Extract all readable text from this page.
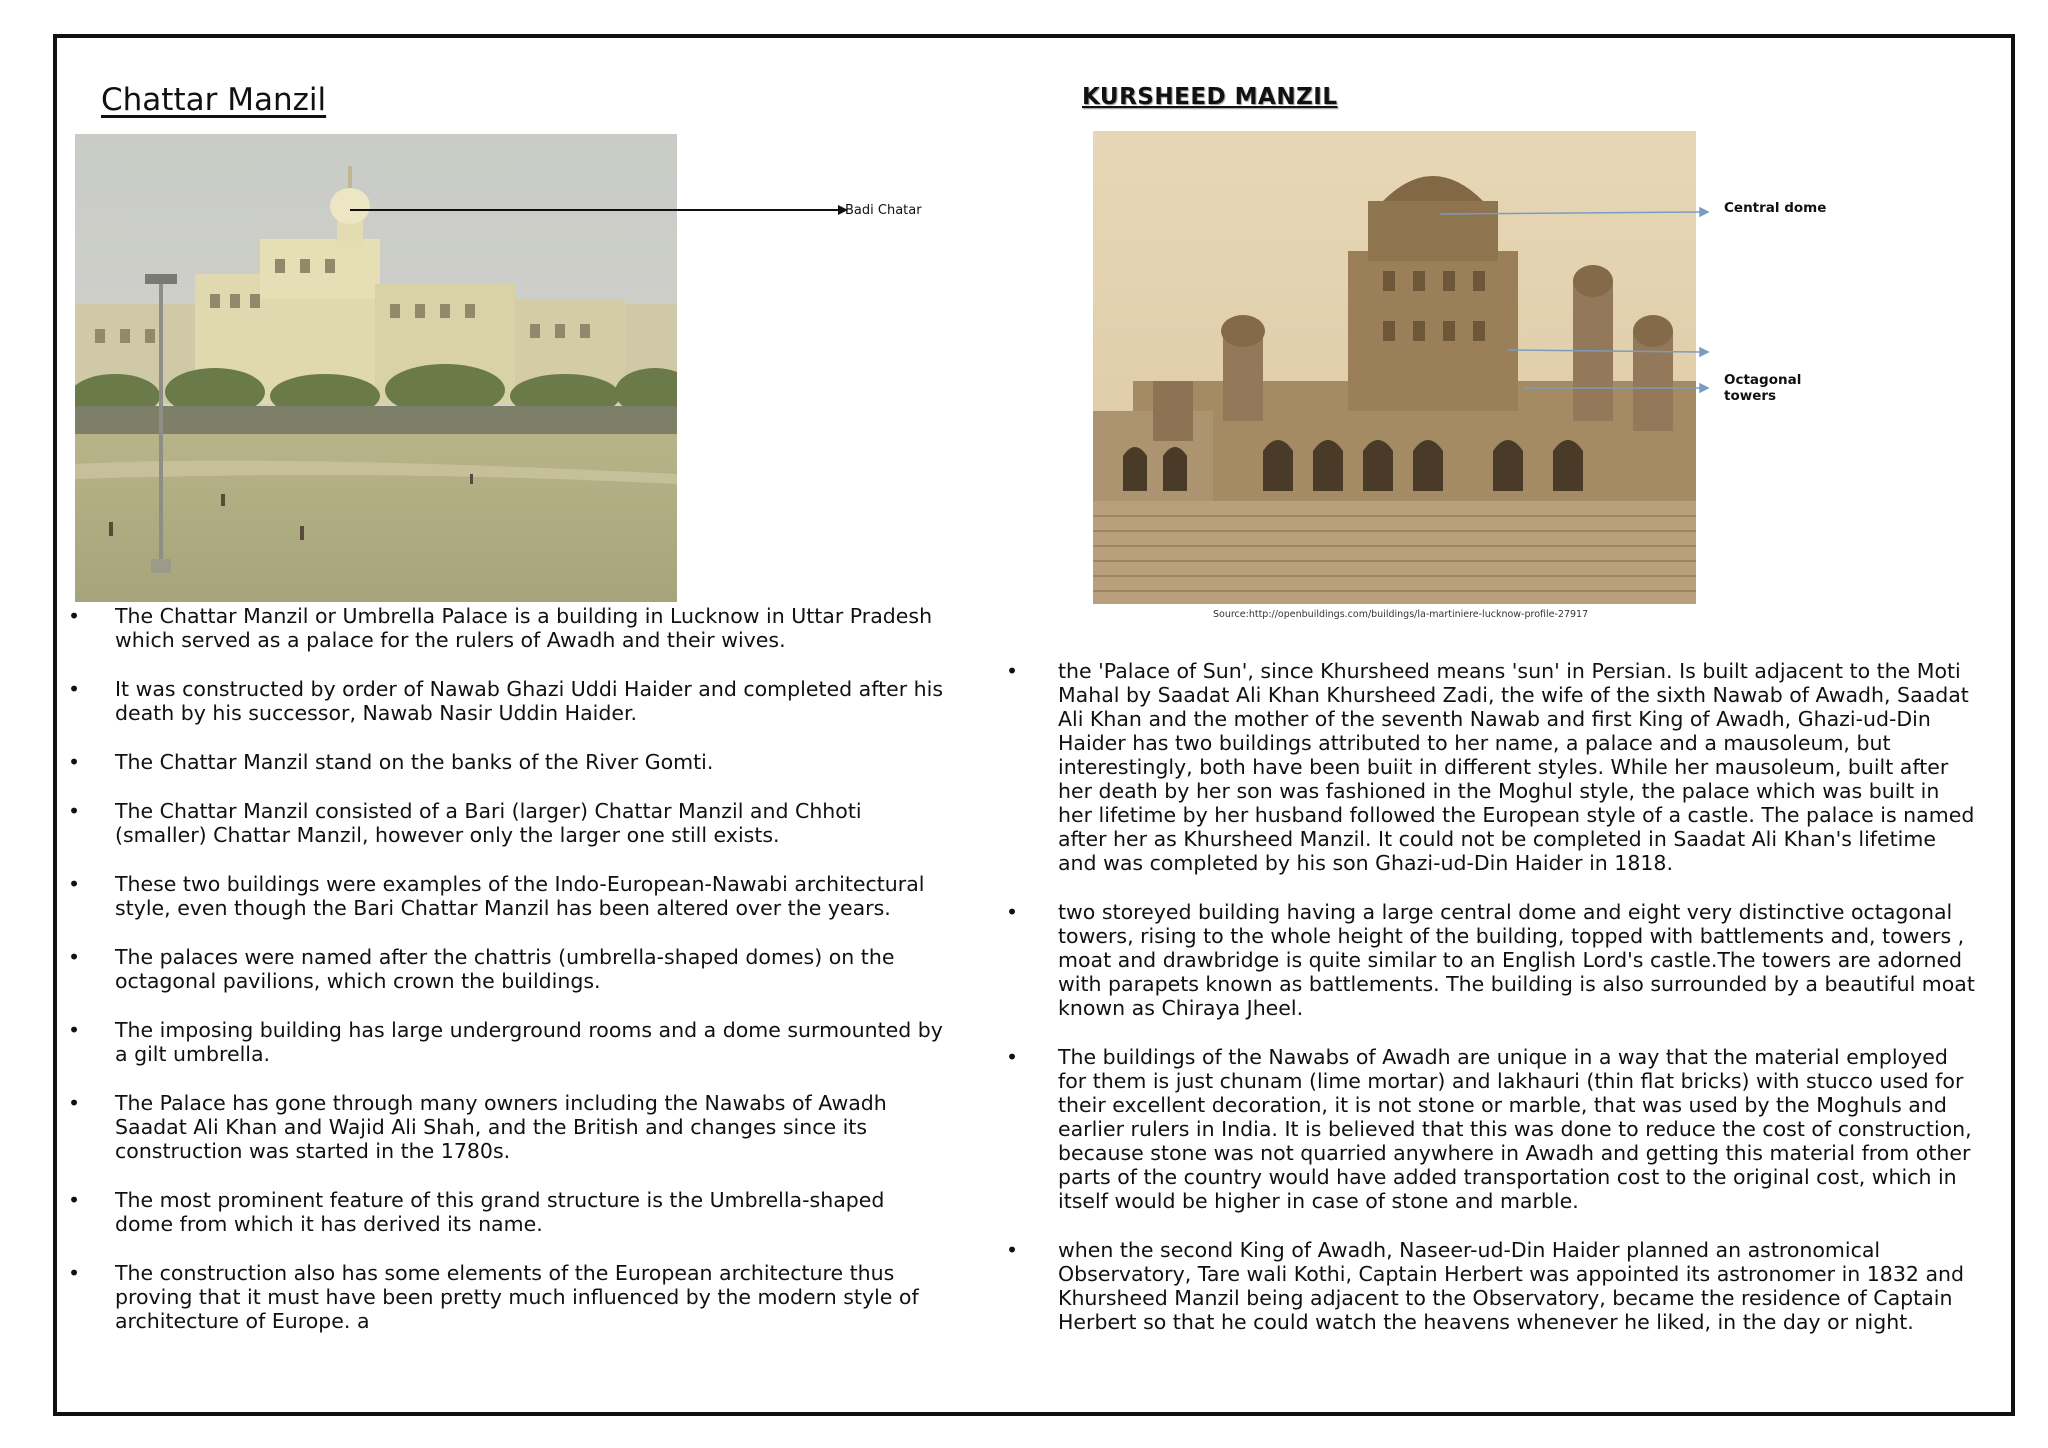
Chattar Manzil
Badi Chatar
• The Chattar Manzil or Umbrella Palace is a building in Lucknow in Uttar Pradesh which served as a palace for the rulers of Awadh and their wives.
• It was constructed by order of Nawab Ghazi Uddi Haider and completed after his death by his successor, Nawab Nasir Uddin Haider.
• The Chattar Manzil stand on the banks of the River Gomti.
• The Chattar Manzil consisted of a Bari (larger) Chattar Manzil and Chhoti (smaller) Chattar Manzil, however only the larger one still exists.
• These two buildings were examples of the Indo-European-Nawabi architectural style, even though the Bari Chattar Manzil has been altered over the years.
• The palaces were named after the chattris (umbrella-shaped domes) on the octagonal pavilions, which crown the buildings.
• The imposing building has large underground rooms and a dome surmounted by a gilt umbrella.
• The Palace has gone through many owners including the Nawabs of Awadh Saadat Ali Khan and Wajid Ali Shah, and the British and changes since its construction was started in the 1780s.
• The most prominent feature of this grand structure is the Umbrella-shaped dome from which it has derived its name.
• The construction also has some elements of the European architecture thus proving that it must have been pretty much influenced by the modern style of architecture of Europe. a
KURSHEED MANZIL
Central dome
Octagonal towers
Source:http://openbuildings.com/buildings/la-martiniere-lucknow-profile-27917
• the 'Palace of Sun', since Khursheed means 'sun' in Persian. Is built adjacent to the Moti Mahal by Saadat Ali Khan Khursheed Zadi, the wife of the sixth Nawab of Awadh, Saadat Ali Khan and the mother of the seventh Nawab and first King of Awadh, Ghazi-ud-Din Haider has two buildings attributed to her name, a palace and a mausoleum, but interestingly, both have been buiit in different styles. While her mausoleum, built after her death by her son was fashioned in the Moghul style, the palace which was built in her lifetime by her husband followed the European style of a castle. The palace is named after her as Khursheed Manzil. It could not be completed in Saadat Ali Khan's lifetime and was completed by his son Ghazi-ud-Din Haider in 1818.
• two storeyed building having a large central dome and eight very distinctive octagonal towers, rising to the whole height of the building, topped with battlements and, towers , moat and drawbridge is quite similar to an English Lord's castle.The towers are adorned with parapets known as battlements. The building is also surrounded by a beautiful moat known as Chiraya Jheel.
• The buildings of the Nawabs of Awadh are unique in a way that the material employed for them is just chunam (lime mortar) and lakhauri (thin flat bricks) with stucco used for their excellent decoration, it is not stone or marble, that was used by the Moghuls and earlier rulers in India. It is believed that this was done to reduce the cost of construction, because stone was not quarried anywhere in Awadh and getting this material from other parts of the country would have added transportation cost to the original cost, which in itself would be higher in case of stone and marble.
• when the second King of Awadh, Naseer-ud-Din Haider planned an astronomical Observatory, Tare wali Kothi, Captain Herbert was appointed its astronomer in 1832 and Khursheed Manzil being adjacent to the Observatory, became the residence of Captain Herbert so that he could watch the heavens whenever he liked, in the day or night.
